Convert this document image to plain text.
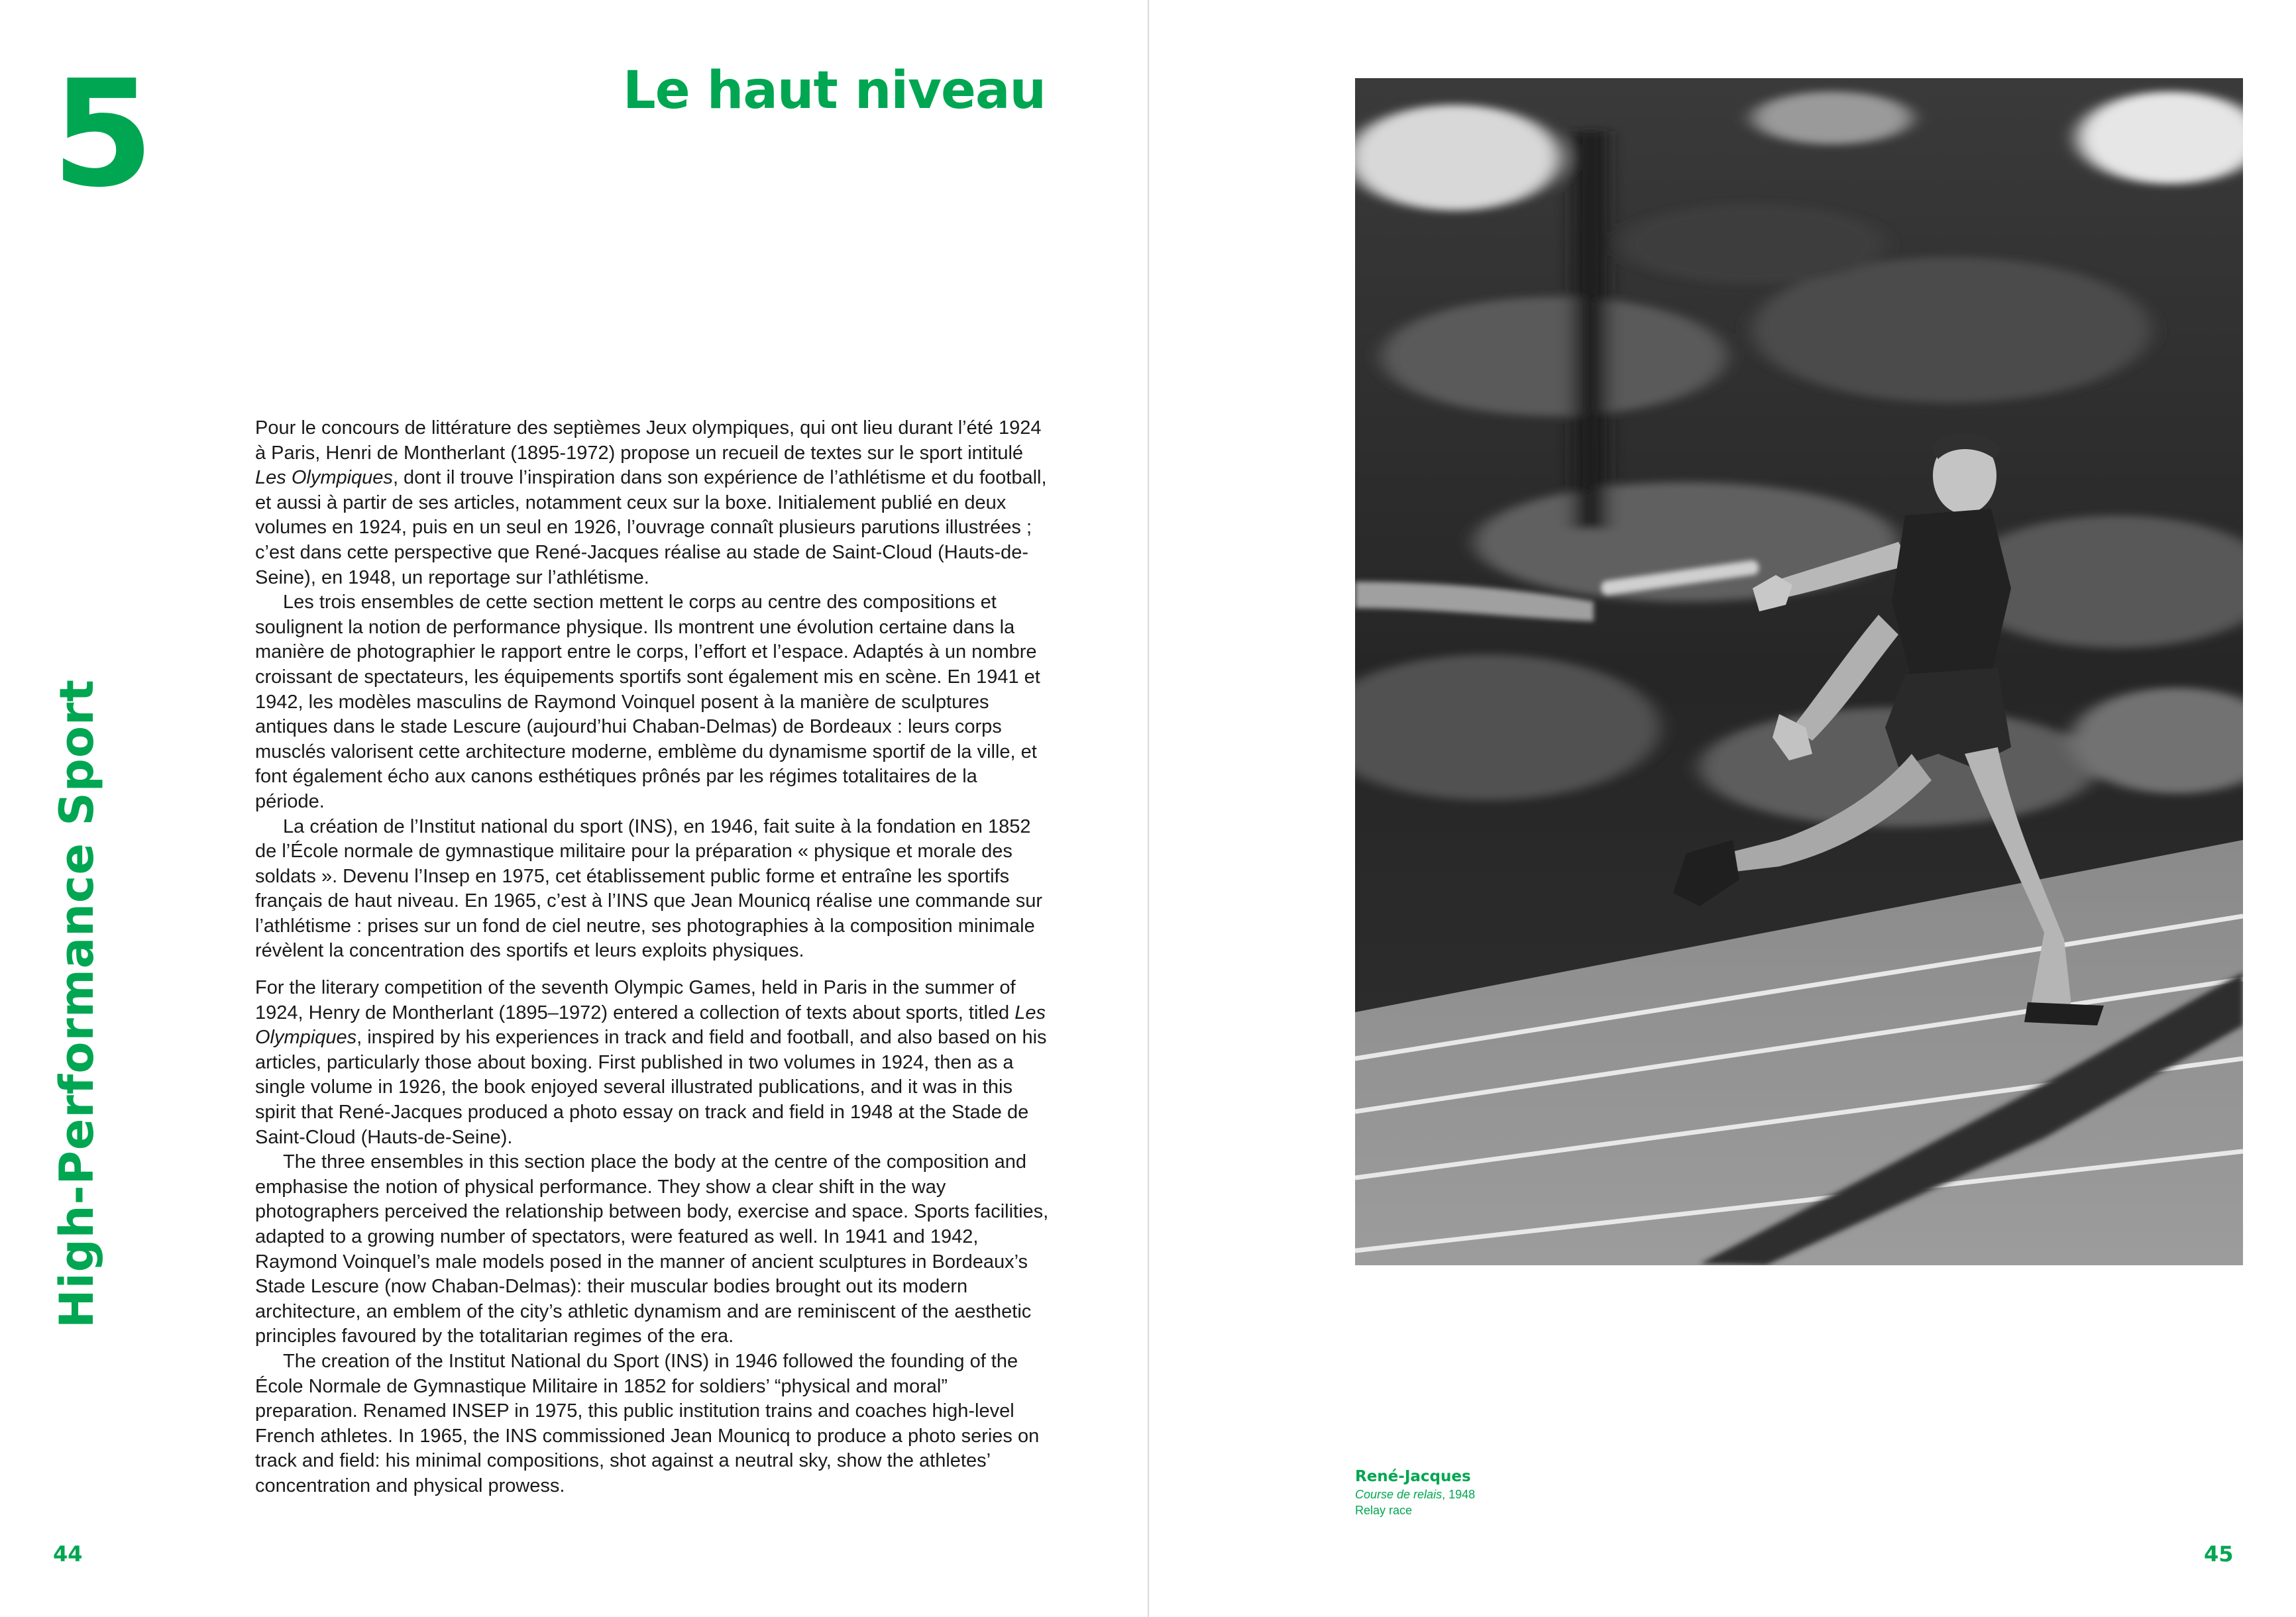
5	Le haut niveau
High-Performance Sport

Pour le concours de littérature des septièmes Jeux olympiques, qui ont lieu durant l’été 1924 à Paris, Henri de Montherlant (1895-1972) propose un recueil de textes sur le sport intitulé Les Olympiques, dont il trouve l’inspiration dans son expérience de l’athlétisme et du football, et aussi à partir de ses articles, notamment ceux sur la boxe. Initialement publié en deux volumes en 1924, puis en un seul en 1926, l’ouvrage connaît plusieurs parutions illustrées ; c’est dans cette perspective que René-Jacques réalise au stade de Saint-Cloud (Hauts-de-Seine), en 1948, un reportage sur l’athlétisme.

Les trois ensembles de cette section mettent le corps au centre des compositions et soulignent la notion de performance physique. Ils montrent une évolution certaine dans la manière de photographier le rapport entre le corps, l’effort et l’espace. Adaptés à un nombre croissant de spectateurs, les équipements sportifs sont également mis en scène. En 1941 et 1942, les modèles masculins de Raymond Voinquel posent à la manière de sculptures antiques dans le stade Lescure (aujourd’hui Chaban-Delmas) de Bordeaux : leurs corps musclés valorisent cette architecture moderne, emblème du dynamisme sportif de la ville, et font également écho aux canons esthétiques prônés par les régimes totalitaires de la période.

La création de l’Institut national du sport (INS), en 1946, fait suite à la fondation en 1852 de l’École normale de gymnastique militaire pour la préparation « physique et morale des soldats ». Devenu l’Insep en 1975, cet établissement public forme et entraîne les sportifs français de haut niveau. En 1965, c’est à l’INS que Jean Mounicq réalise une commande sur l’athlétisme : prises sur un fond de ciel neutre, ses photographies à la composition minimale révèlent la concentration des sportifs et leurs exploits physiques.

For the literary competition of the seventh Olympic Games, held in Paris in the summer of 1924, Henry de Montherlant (1895–1972) entered a collection of texts about sports, titled Les Olympiques, inspired by his experiences in track and field and football, and also based on his articles, particularly those about boxing. First published in two volumes in 1924, then as a single volume in 1926, the book enjoyed several illustrated publications, and it was in this spirit that René-Jacques produced a photo essay on track and field in 1948 at the Stade de Saint-Cloud (Hauts-de-Seine).

The three ensembles in this section place the body at the centre of the composition and emphasise the notion of physical performance. They show a clear shift in the way photographers perceived the relationship between body, exercise and space. Sports facilities, adapted to a growing number of spectators, were featured as well. In 1941 and 1942, Raymond Voinquel’s male models posed in the manner of ancient sculptures in Bordeaux’s Stade Lescure (now Chaban-Delmas): their muscular bodies brought out its modern architecture, an emblem of the city’s athletic dynamism and are reminiscent of the aesthetic principles favoured by the totalitarian regimes of the era.

The creation of the Institut National du Sport (INS) in 1946 followed the founding of the École Normale de Gymnastique Militaire in 1852 for soldiers’ “physical and moral” preparation. Renamed INSEP in 1975, this public institution trains and coaches high-level French athletes. In 1965, the INS commissioned Jean Mounicq to produce a photo series on track and field: his minimal compositions, shot against a neutral sky, show the athletes’ concentration and physical prowess.

44
René-Jacques
Course de relais, 1948
Relay race
45
